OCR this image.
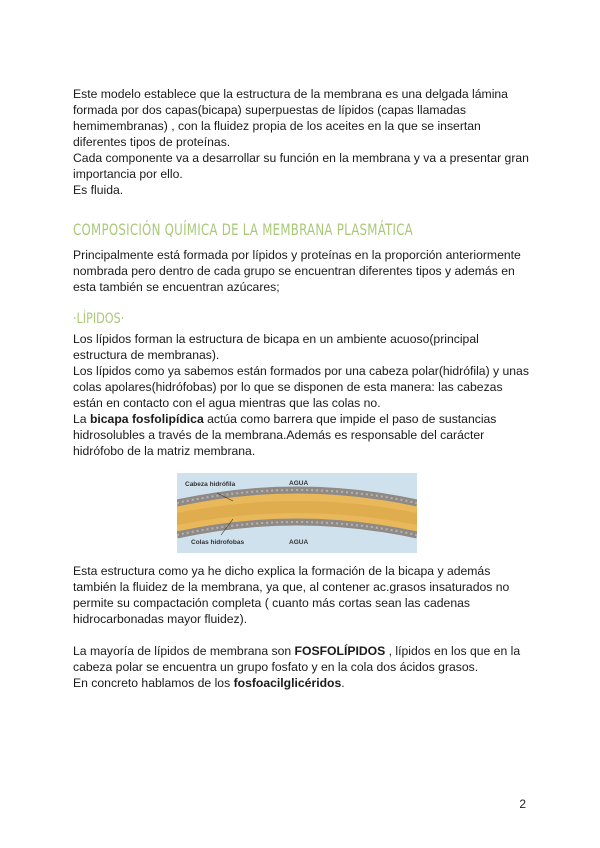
Este modelo establece que la estructura de la membrana es una delgada lámina formada por dos capas(bicapa) superpuestas de lípidos (capas llamadas hemimembranas) , con la fluidez propia de los aceites en la que se insertan diferentes tipos de proteínas.

Cada componente va a desarrollar su función en la membrana y va a presentar gran importancia por ello.

Es fluida.

COMPOSICIÓN QUÍMICA DE LA MEMBRANA PLASMÁTICA

Principalmente está formada por lípidos y proteínas en la proporción anteriormente nombrada pero dentro de cada grupo se encuentran diferentes tipos y además en esta también se encuentran azúcares;

·LÍPIDOS·

Los lípidos forman la estructura de bicapa en un ambiente acuoso(principal estructura de membranas).

Los lípidos como ya sabemos están formados por una cabeza polar(hidrófila) y unas colas apolares(hidrófobas) por lo que se disponen de esta manera: las cabezas están en contacto con el agua mientras que las colas no.

La bicapa fosfolipídica actúa como barrera que impide el paso de sustancias hidrosolubles a través de la membrana.Además es responsable del carácter hidrófobo de la matriz membrana.

Cabeza hidrófila	AGUA
Colas hidrofobas	AGUA

Esta estructura como ya he dicho explica la formación de la bicapa y además también la fluidez de la membrana, ya que, al contener ac.grasos insaturados no permite su compactación completa ( cuanto más cortas sean las cadenas hidrocarbonadas mayor fluidez).

La mayoría de lípidos de membrana son FOSFOLÍPIDOS , lípidos en los que en la cabeza polar se encuentra un grupo fosfato y en la cola dos ácidos grasos.

En concreto hablamos de los fosfoacilglicéridos.

2
